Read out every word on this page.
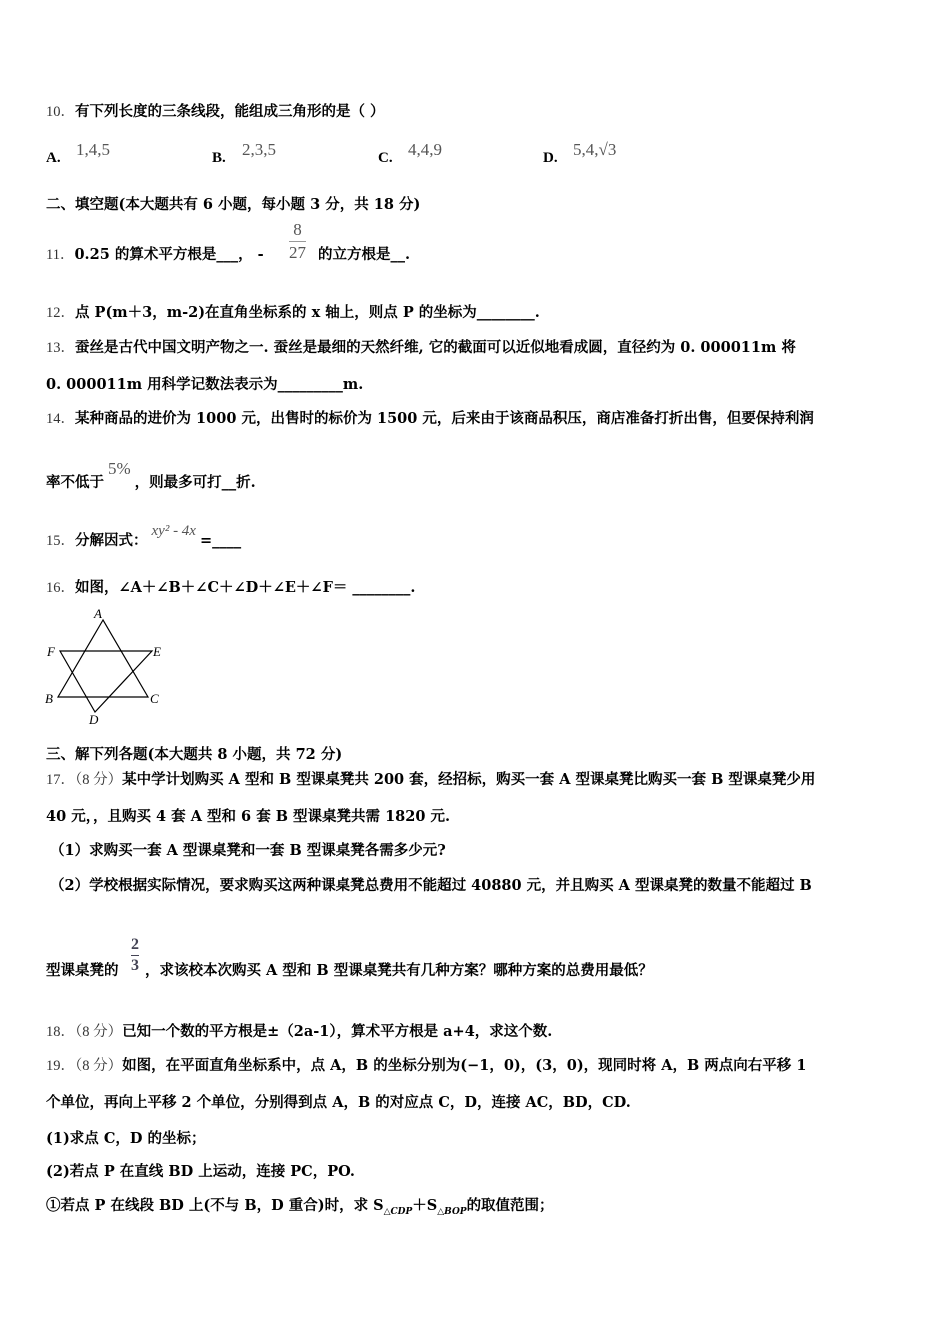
10．有下列长度的三条线段，能组成三角形的是（ ）
A. 1,4,5	B. 2,3,5	C. 4,4,9	D. 5,4,√3
二、填空题(本大题共有 6 小题，每小题 3 分，共 18 分)
11．0.25 的算术平方根是___， -
8
27 的立方根是__.
12．点 P(m＋3，m-2)在直角坐标系的 x 轴上，则点 P 的坐标为________.
13．蚕丝是古代中国文明产物之一. 蚕丝是最细的天然纤维, 它的截面可以近似地看成圆，直径约为 0. 000011m 将
0. 000011m 用科学记数法表示为_________m.
14．某种商品的进价为 1000 元，出售时的标价为 1500 元，后来由于该商品积压，商店准备打折出售，但要保持利润
率不低于5%，则最多可打__折.
15．分解因式：xy² - 4x=____
16．如图，∠A＋∠B＋∠C＋∠D＋∠E＋∠F＝ ________.
A
F	E
B	C
D
三、解下列各题(本大题共 8 小题，共 72 分)
17．（8 分）某中学计划购买 A 型和 B 型课桌凳共 200 套，经招标，购买一套 A 型课桌凳比购买一套 B 型课桌凳少用
40 元，，且购买 4 套 A 型和 6 套 B 型课桌凳共需 1820 元.
（1）求购买一套 A 型课桌凳和一套 B 型课桌凳各需多少元?
（2）学校根据实际情况，要求购买这两种课桌凳总费用不能超过 40880 元，并且购买 A 型课桌凳的数量不能超过 B
型课桌凳的
2
3 ，求该校本次购买 A 型和 B 型课桌凳共有几种方案？哪种方案的总费用最低？
18．（8 分）已知一个数的平方根是±（2a-1），算术平方根是 a+4，求这个数.
19．（8 分）如图，在平面直角坐标系中，点 A，B 的坐标分别为(−1，0)，(3，0)，现同时将 A，B 两点向右平移 1
个单位，再向上平移 2 个单位，分别得到点 A，B 的对应点 C，D，连接 AC，BD，CD.
(1)求点 C，D 的坐标；
(2)若点 P 在直线 BD 上运动，连接 PC，PO.
①若点 P 在线段 BD 上(不与 B，D 重合)时，求 $S_{\triangle CDP}+S_{\triangle BOP}$的取值范围；
